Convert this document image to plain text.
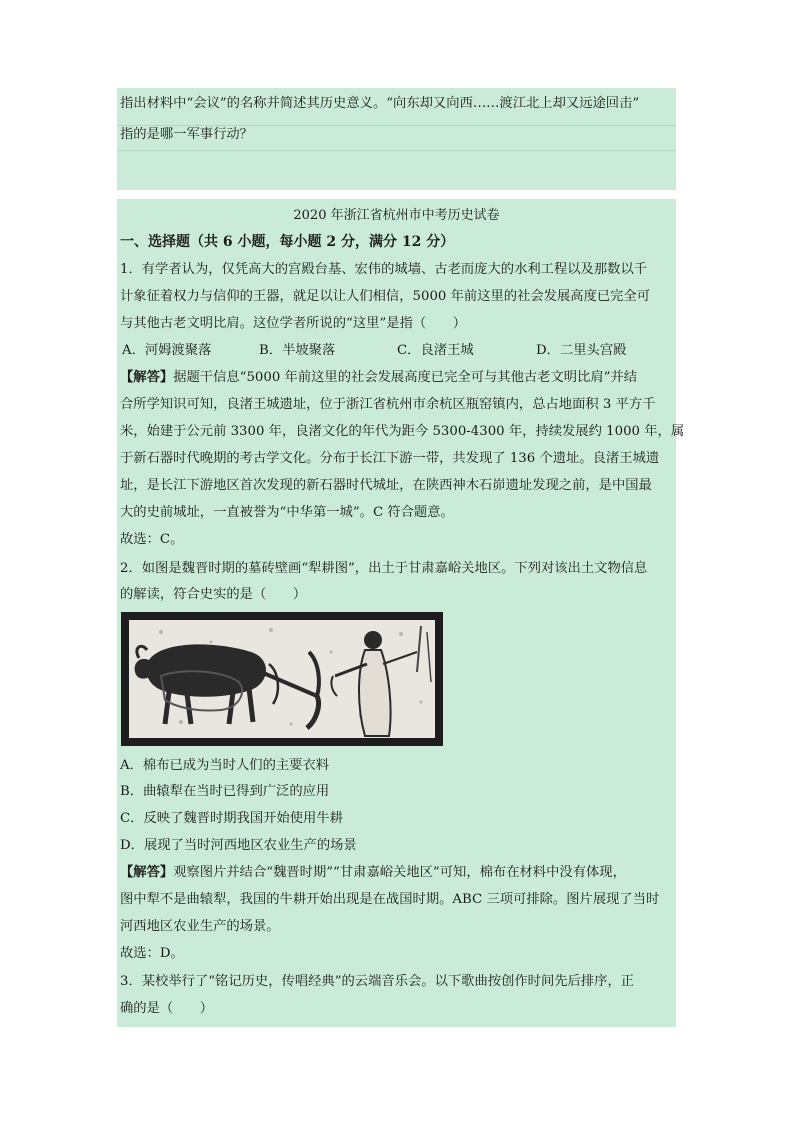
指出材料中“会议”的名称并简述其历史意义。“向东却又向西……渡江北上却又远途回击”
指的是哪一军事行动？
2020 年浙江省杭州市中考历史试卷
一、选择题（共 6 小题，每小题 2 分，满分 12 分）
1．有学者认为，仅凭高大的宫殿台基、宏伟的城墙、古老而庞大的水利工程以及那数以千
计象征着权力与信仰的王器，就足以让人们相信，5000 年前这里的社会发展高度已完全可
与其他古老文明比肩。这位学者所说的“这里”是指（　　）
A．河姆渡聚落	B．半坡聚落	C．良渚王城	D．二里头宫殿
【解答】据题干信息“5000 年前这里的社会发展高度已完全可与其他古老文明比肩”并结
合所学知识可知，良渚王城遗址，位于浙江省杭州市余杭区瓶窑镇内，总占地面积 3 平方千
米，始建于公元前 3300 年，良渚文化的年代为距今 5300-4300 年，持续发展约 1000 年，属
于新石器时代晚期的考古学文化。分布于长江下游一带，共发现了 136 个遗址。良渚王城遗
址，是长江下游地区首次发现的新石器时代城址，在陕西神木石峁遗址发现之前，是中国最
大的史前城址，一直被誉为“中华第一城”。C 符合题意。
故选：C。
2．如图是魏晋时期的墓砖壁画“犁耕图”，出土于甘肃嘉峪关地区。下列对该出土文物信息
的解读，符合史实的是（　　）
A．棉布已成为当时人们的主要衣料
B．曲辕犁在当时已得到广泛的应用
C．反映了魏晋时期我国开始使用牛耕
D．展现了当时河西地区农业生产的场景
【解答】观察图片并结合“魏晋时期”“甘肃嘉峪关地区”可知，棉布在材料中没有体现，
图中犁不是曲辕犁，我国的牛耕开始出现是在战国时期。ABC 三项可排除。图片展现了当时
河西地区农业生产的场景。
故选：D。
3．某校举行了“铭记历史，传唱经典”的云端音乐会。以下歌曲按创作时间先后排序，正
确的是（　　）
